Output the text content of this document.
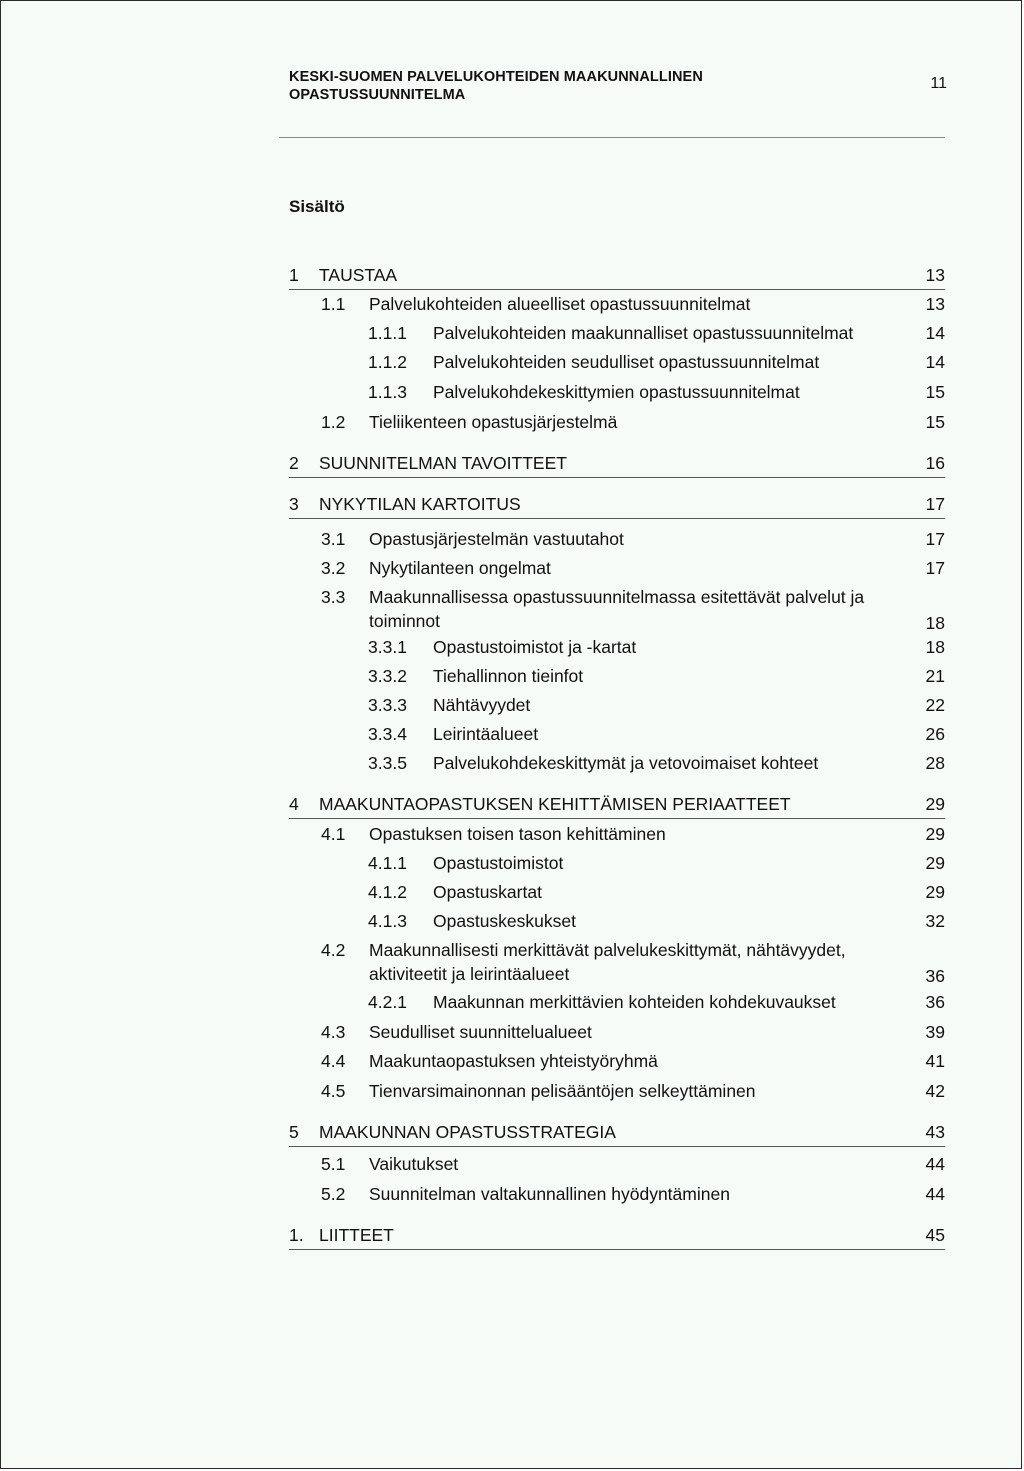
KESKI-SUOMEN PALVELUKOHTEIDEN MAAKUNNALLINEN
OPASTUSSUUNNITELMA
11
Sisältö
1 TAUSTAA	13
1.1 Palvelukohteiden alueelliset opastussuunnitelmat	13
1.1.1 Palvelukohteiden maakunnalliset opastussuunnitelmat	14
1.1.2 Palvelukohteiden seudulliset opastussuunnitelmat	14
1.1.3 Palvelukohdekeskittymien opastussuunnitelmat	15
1.2 Tieliikenteen opastusjärjestelmä	15
2 SUUNNITELMAN TAVOITTEET	16
3 NYKYTILAN KARTOITUS	17
3.1 Opastusjärjestelmän vastuutahot	17
3.2 Nykytilanteen ongelmat	17
3.3 Maakunnallisessa opastussuunnitelmassa esitettävät palvelut ja toiminnot	18
3.3.1 Opastustoimistot ja -kartat	18
3.3.2 Tiehallinnon tieinfot	21
3.3.3 Nähtävyydet	22
3.3.4 Leirintäalueet	26
3.3.5 Palvelukohdekeskittymät ja vetovoimaiset kohteet	28
4 MAAKUNTAOPASTUKSEN KEHITTÄMISEN PERIAATTEET	29
4.1 Opastuksen toisen tason kehittäminen	29
4.1.1 Opastustoimistot	29
4.1.2 Opastuskartat	29
4.1.3 Opastuskeskukset	32
4.2 Maakunnallisesti merkittävät palvelukeskittymät, nähtävyydet, aktiviteetit ja leirintäalueet	36
4.2.1 Maakunnan merkittävien kohteiden kohdekuvaukset	36
4.3 Seudulliset suunnittelualueet	39
4.4 Maakuntaopastuksen yhteistyöryhmä	41
4.5 Tienvarsimainonnan pelisääntöjen selkeyttäminen	42
5 MAAKUNNAN OPASTUSSTRATEGIA	43
5.1 Vaikutukset	44
5.2 Suunnitelman valtakunnallinen hyödyntäminen	44
1. LIITTEET	45
